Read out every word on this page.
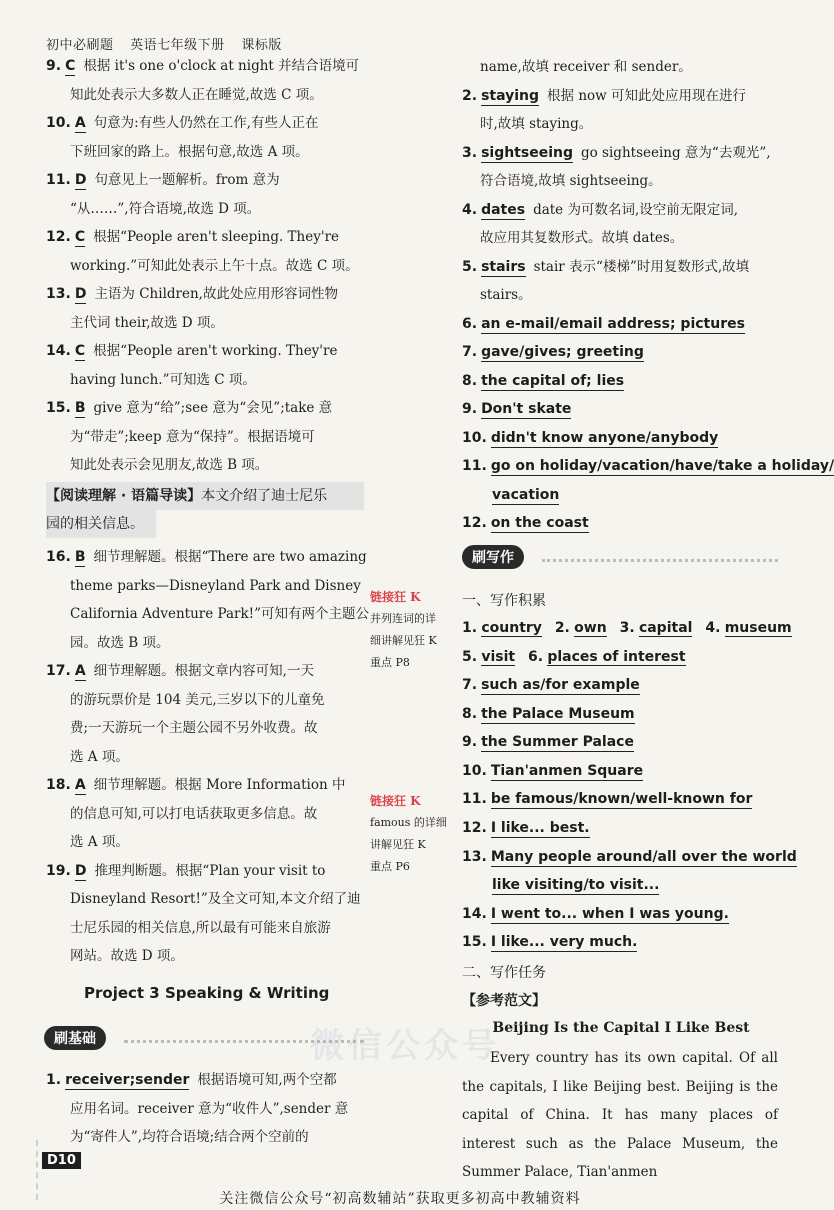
初中必刷题 英语七年级下册 课标版
9. C 根据 it's one o'clock at night 并结合语境可
知此处表示大多数人正在睡觉,故选 C 项。
10. A 句意为:有些人仍然在工作,有些人正在
下班回家的路上。根据句意,故选 A 项。
11. D 句意见上一题解析。from 意为
“从……”,符合语境,故选 D 项。
12. C 根据“People aren't sleeping. They're
working.”可知此处表示上午十点。故选 C 项。
13. D 主语为 Children,故此处应用形容词性物
主代词 their,故选 D 项。
14. C 根据“People aren't working. They're
having lunch.”可知选 C 项。
15. B give 意为“给”;see 意为“会见”;take 意
为“带走”;keep 意为“保持”。根据语境可
知此处表示会见朋友,故选 B 项。
16. B 细节理解题。根据“There are two amazing
theme parks—Disneyland Park and Disney
California Adventure Park!”可知有两个主题公
园。故选 B 项。
17. A 细节理解题。根据文章内容可知,一天
的游玩票价是 104 美元,三岁以下的儿童免
费;一天游玩一个主题公园不另外收费。故
选 A 项。
18. A 细节理解题。根据 More Information 中
的信息可知,可以打电话获取更多信息。故
选 A 项。
19. D 推理判断题。根据“Plan your visit to
Disneyland Resort!”及全文可知,本文介绍了迪
士尼乐园的相关信息,所以最有可能来自旅游
网站。故选 D 项。
1. receiver;sender 根据语境可知,两个空都
应用名词。receiver 意为“收件人”,sender 意
为“寄件人”,均符合语境;结合两个空前的
【阅读理解 · 语篇导读】本文介绍了迪士尼乐
园的相关信息。
Project 3 Speaking & Writing
刷基础
链接狂 K
并列连词的详
细讲解见狂 K
重点 P8
链接狂 K
famous 的详细
讲解见狂 K
重点 P6
name,故填 receiver 和 sender。
2. staying 根据 now 可知此处应用现在进行
时,故填 staying。
3. sightseeing go sightseeing 意为“去观光”,
符合语境,故填 sightseeing。
4. dates date 为可数名词,设空前无限定词,
故应用其复数形式。故填 dates。
5. stairs stair 表示“楼梯”时用复数形式,故填
stairs。
6. an e-mail/email address; pictures
7. gave/gives; greeting
8. the capital of; lies
9. Don't skate
10. didn't know anyone/anybody
11. go on holiday/vacation/have/take a holiday/
vacation
12. on the coast
刷写作
一、写作积累
1. country 2. own 3. capital 4. museum
5. visit 6. places of interest
7. such as/for example
8. the Palace Museum
9. the Summer Palace
10. Tian'anmen Square
11. be famous/known/well-known for
12. I like... best.
13. Many people around/all over the world
like visiting/to visit...
14. I went to... when I was young.
15. I like... very much.
二、写作任务
【参考范文】
Beijing Is the Capital I Like Best
Every country has its own capital. Of all the capitals, I like Beijing best. Beijing is the capital of China. It has many places of interest such as the Palace Museum, the Summer Palace, Tian'anmen
微信公众号
D10
关注微信公众号“初高数辅站”获取更多初高中教辅资料
